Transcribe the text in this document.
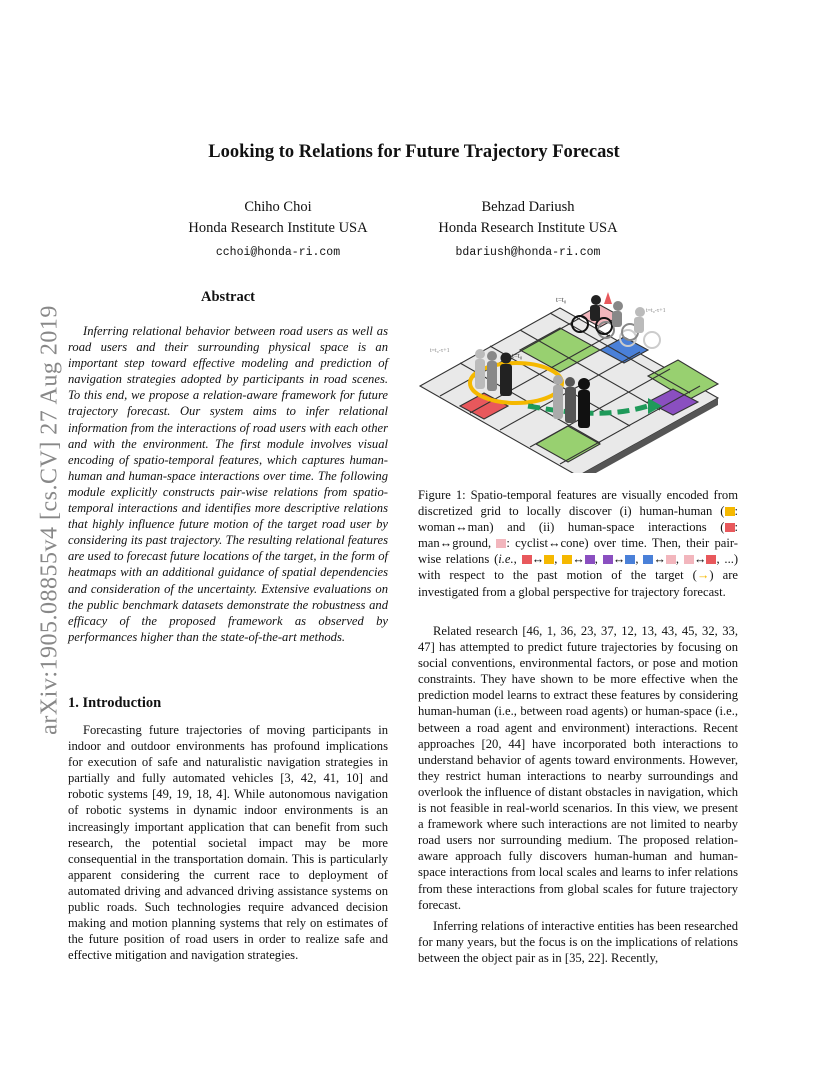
Looking to Relations for Future Trajectory Forecast
Chiho Choi
Honda Research Institute USA
cchoi@honda-ri.com
Behzad Dariush
Honda Research Institute USA
bdariush@honda-ri.com
arXiv:1905.08855v4 [cs.CV] 27 Aug 2019
Abstract
Inferring relational behavior between road users as well as road users and their surrounding physical space is an important step toward effective modeling and prediction of navigation strategies adopted by participants in road scenes. To this end, we propose a relation-aware framework for future trajectory forecast. Our system aims to infer relational information from the interactions of road users with each other and with the environment. The first module involves visual encoding of spatio-temporal features, which captures human-human and human-space interactions over time. The following module explicitly constructs pair-wise relations from spatio-temporal interactions and identifies more descriptive relations that highly influence future motion of the target road user by considering its past trajectory. The resulting relational features are used to forecast future locations of the target, in the form of heatmaps with an additional guidance of spatial dependencies and consideration of the uncertainty. Extensive evaluations on the public benchmark datasets demonstrate the robustness and efficacy of the proposed framework as observed by performances higher than the state-of-the-art methods.
1. Introduction
Forecasting future trajectories of moving participants in indoor and outdoor environments has profound implications for execution of safe and naturalistic navigation strategies in partially and fully automated vehicles [3, 42, 41, 10] and robotic systems [49, 19, 18, 4]. While autonomous navigation of robotic systems in dynamic indoor environments is an increasingly important application that can benefit from such research, the potential societal impact may be more consequential in the transportation domain. This is particularly apparent considering the current race to deployment of automated driving and advanced driving assistance systems on public roads. Such technologies require advanced decision making and motion planning systems that rely on estimates of the future position of road users in order to realize safe and effective mitigation and navigation strategies.
t=t₀
t=t₀-τ+1
t=t₀
t=t₀-τ+1
Figure 1: Spatio-temporal features are visually encoded from discretized grid to locally discover (i) human-human ( : woman↔man) and (ii) human-space interactions ( : man↔ground, : cyclist↔cone) over time. Then, their pair-wise relations (i.e., ↔ , ↔ , ↔ , ↔ , ↔ , ...) with respect to the past motion of the target (→) are investigated from a global perspective for trajectory forecast.
Related research [46, 1, 36, 23, 37, 12, 13, 43, 45, 32, 33, 47] has attempted to predict future trajectories by focusing on social conventions, environmental factors, or pose and motion constraints. They have shown to be more effective when the prediction model learns to extract these features by considering human-human (i.e., between road agents) or human-space (i.e., between a road agent and environment) interactions. Recent approaches [20, 44] have incorporated both interactions to understand behavior of agents toward environments. However, they restrict human interactions to nearby surroundings and overlook the influence of distant obstacles in navigation, which is not feasible in real-world scenarios. In this view, we present a framework where such interactions are not limited to nearby road users nor surrounding medium. The proposed relation-aware approach fully discovers human-human and human-space interactions from local scales and learns to infer relations from these interactions from global scales for future trajectory forecast.
Inferring relations of interactive entities has been researched for many years, but the focus is on the implications of relations between the object pair as in [35, 22]. Recently,
